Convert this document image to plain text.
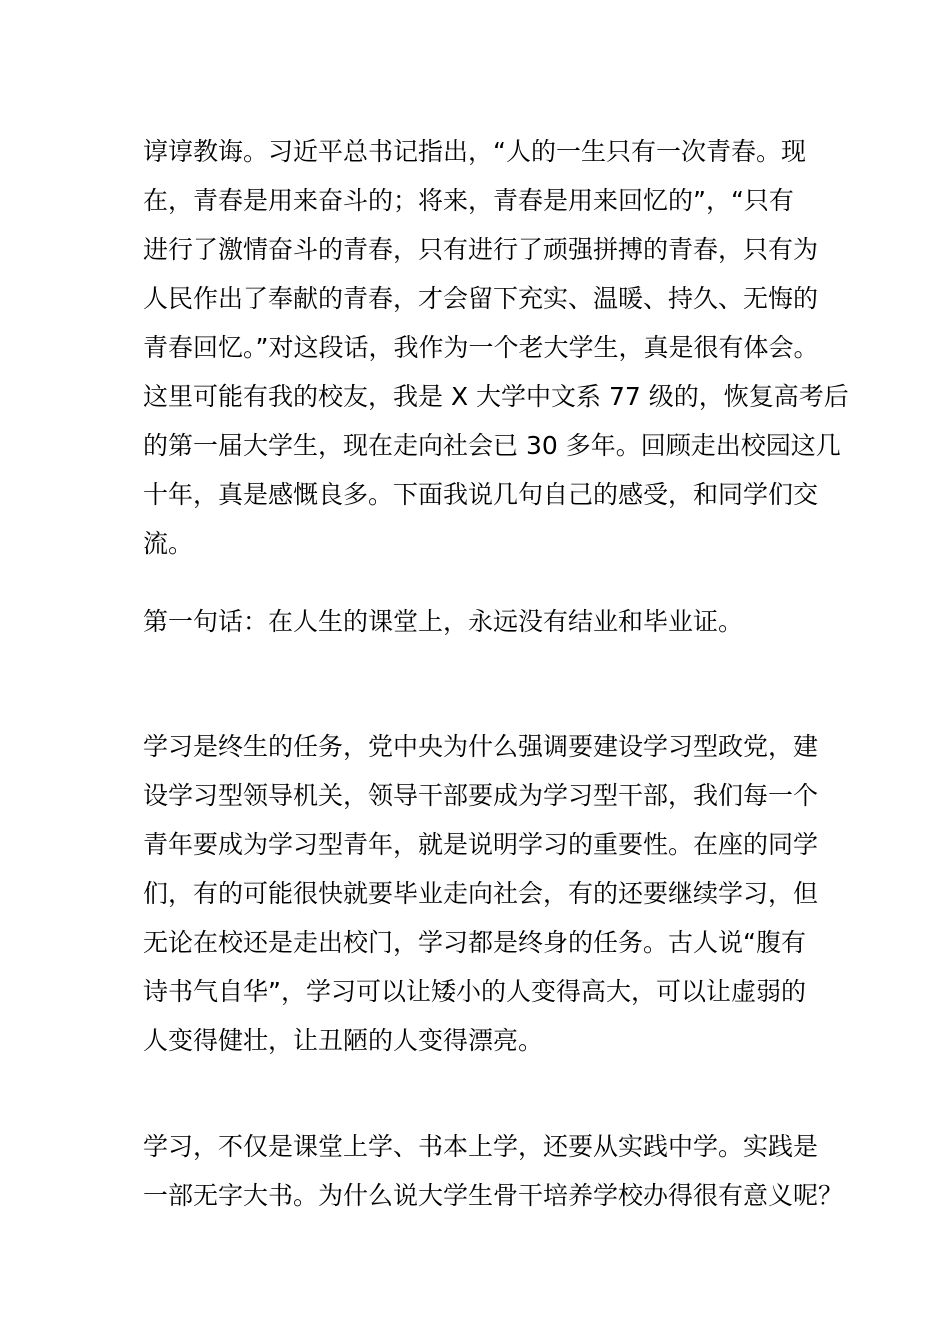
谆谆教诲。习近平总书记指出，“人的一生只有一次青春。现
在，青春是用来奋斗的；将来，青春是用来回忆的”，“只有
进行了激情奋斗的青春，只有进行了顽强拼搏的青春，只有为
人民作出了奉献的青春，才会留下充实、温暖、持久、无悔的
青春回忆。”对这段话，我作为一个老大学生，真是很有体会。
这里可能有我的校友，我是 X 大学中文系 77 级的，恢复高考后
的第一届大学生，现在走向社会已 30 多年。回顾走出校园这几
十年，真是感慨良多。下面我说几句自己的感受，和同学们交
流。
第一句话：在人生的课堂上，永远没有结业和毕业证。
学习是终生的任务，党中央为什么强调要建设学习型政党，建
设学习型领导机关，领导干部要成为学习型干部，我们每一个
青年要成为学习型青年，就是说明学习的重要性。在座的同学
们，有的可能很快就要毕业走向社会，有的还要继续学习，但
无论在校还是走出校门，学习都是终身的任务。古人说“腹有
诗书气自华”，学习可以让矮小的人变得高大，可以让虚弱的
人变得健壮，让丑陋的人变得漂亮。
学习，不仅是课堂上学、书本上学，还要从实践中学。实践是
一部无字大书。为什么说大学生骨干培养学校办得很有意义呢？
